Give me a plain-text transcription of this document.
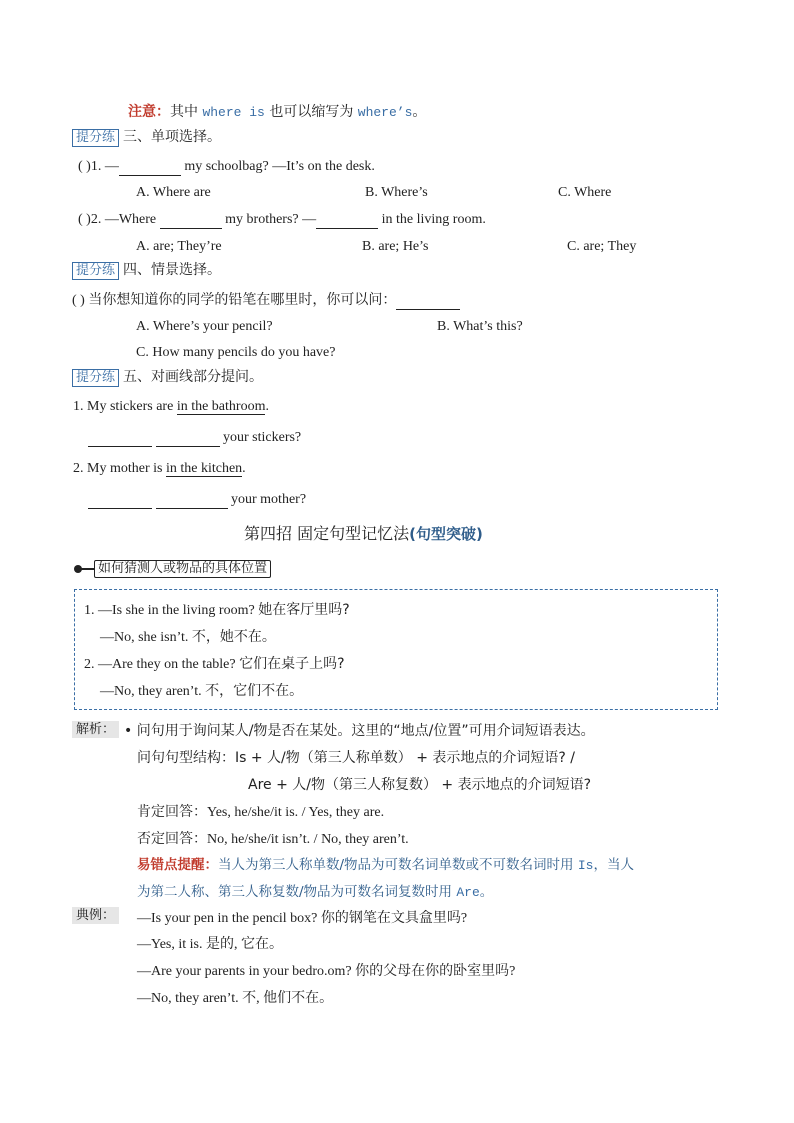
注意：其中 where is 也可以缩写为 where’s。
提分练 三、单项选择。
( )1. —	my schoolbag? —It’s on the desk.
A. Where are	B. Where’s	C. Where
( )2. —Where	my brothers? —	in the living room.
A. are; They’re	B. are; He’s	C. are; They
提分练 四、情景选择。
( ) 当你想知道你的同学的铅笔在哪里时，你可以问：
A. Where’s your pencil?	B. What’s this?
C. How many pencils do you have?
提分练 五、对画线部分提问。
1. My stickers are in the bathroom.
your stickers?
2. My mother is in the kitchen.
your mother?
第四招 固定句型记忆法(句型突破)
如何猜测人或物品的具体位置
1. —Is she in the living room? 她在客厅里吗?
—No, she isn’t. 不，她不在。
2. —Are they on the table? 它们在桌子上吗?
—No, they aren’t. 不，它们不在。
解析： • 问句用于询问某人/物是否在某处。这里的“地点/位置”可用介词短语表达。
问句句型结构：Is + 人/物（第三人称单数） + 表示地点的介词短语? /
Are + 人/物（第三人称复数） + 表示地点的介词短语?
肯定回答：Yes, he/she/it is. / Yes, they are.
否定回答：No, he/she/it isn’t. / No, they aren’t.
易错点提醒：当人为第三人称单数/物品为可数名词单数或不可数名词时用 Is，当人
为第二人称、第三人称复数/物品为可数名词复数时用 Are。
典例： —Is your pen in the pencil box? 你的钢笔在文具盒里吗?
—Yes, it is. 是的, 它在。
—Are your parents in your bedro.om? 你的父母在你的卧室里吗?
—No, they aren’t. 不, 他们不在。
